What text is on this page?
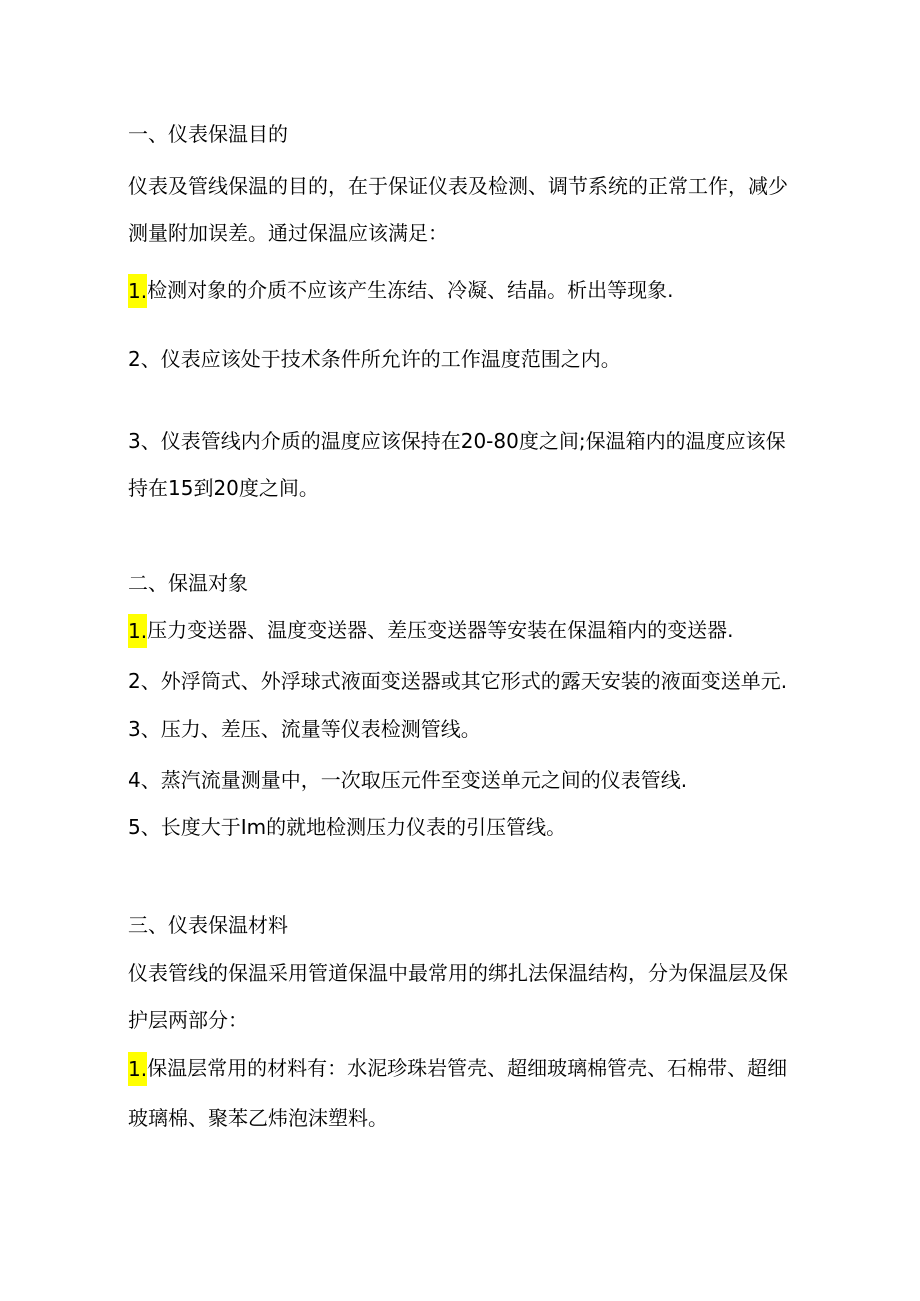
一、仪表保温目的
仪表及管线保温的目的，在于保证仪表及检测、调节系统的正常工作，减少
测量附加误差。通过保温应该满足：
1.检测对象的介质不应该产生冻结、冷凝、结晶。析出等现象.
2、仪表应该处于技术条件所允许的工作温度范围之内。
3、仪表管线内介质的温度应该保持在20-80度之间;保温箱内的温度应该保
持在15到20度之间。
二、保温对象
1.压力变送器、温度变送器、差压变送器等安装在保温箱内的变送器.
2、外浮筒式、外浮球式液面变送器或其它形式的露天安装的液面变送单元.
3、压力、差压、流量等仪表检测管线。
4、蒸汽流量测量中，一次取压元件至变送单元之间的仪表管线.
5、长度大于Im的就地检测压力仪表的引压管线。
三、仪表保温材料
仪表管线的保温采用管道保温中最常用的绑扎法保温结构，分为保温层及保
护层两部分：
1.保温层常用的材料有：水泥珍珠岩管壳、超细玻璃棉管壳、石棉带、超细
玻璃棉、聚苯乙炜泡沫塑料。
